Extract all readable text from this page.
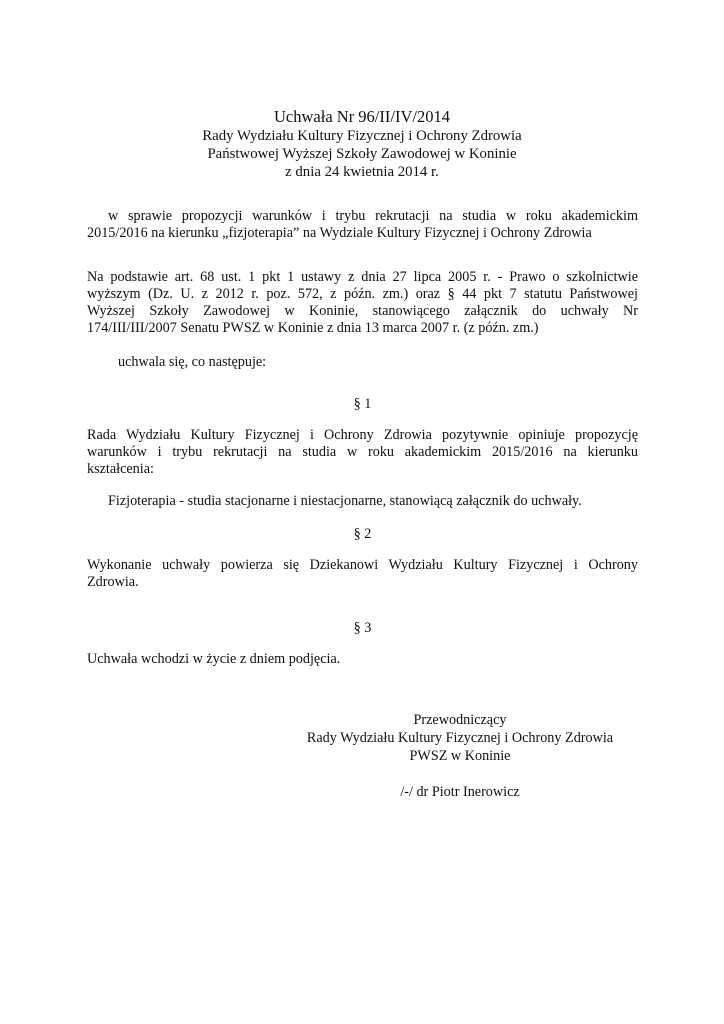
Uchwała Nr 96/II/IV/2014
Rady Wydziału Kultury Fizycznej i Ochrony Zdrowia
Państwowej Wyższej Szkoły Zawodowej w Koninie
z dnia 24 kwietnia 2014 r.
w sprawie propozycji warunków i trybu rekrutacji na studia w roku akademickim
2015/2016 na kierunku „fizjoterapia” na Wydziale Kultury Fizycznej i Ochrony Zdrowia
Na podstawie art. 68 ust. 1 pkt 1 ustawy z dnia 27 lipca 2005 r. - Prawo o szkolnictwie
wyższym (Dz. U. z 2012 r. poz. 572, z późn. zm.) oraz § 44 pkt 7 statutu Państwowej
Wyższej Szkoły Zawodowej w Koninie, stanowiącego załącznik do uchwały Nr
174/III/III/2007 Senatu PWSZ w Koninie z dnia 13 marca 2007 r. (z późn. zm.)
uchwala się, co następuje:
§ 1
Rada Wydziału Kultury Fizycznej i Ochrony Zdrowia pozytywnie opiniuje propozycję
warunków i trybu rekrutacji na studia w roku akademickim 2015/2016 na kierunku
kształcenia:
Fizjoterapia - studia stacjonarne i niestacjonarne, stanowiącą załącznik do uchwały.
§ 2
Wykonanie uchwały powierza się Dziekanowi Wydziału Kultury Fizycznej i Ochrony
Zdrowia.
§ 3
Uchwała wchodzi w życie z dniem podjęcia.
Przewodniczący
Rady Wydziału Kultury Fizycznej i Ochrony Zdrowia
PWSZ w Koninie
/-/ dr Piotr Inerowicz
